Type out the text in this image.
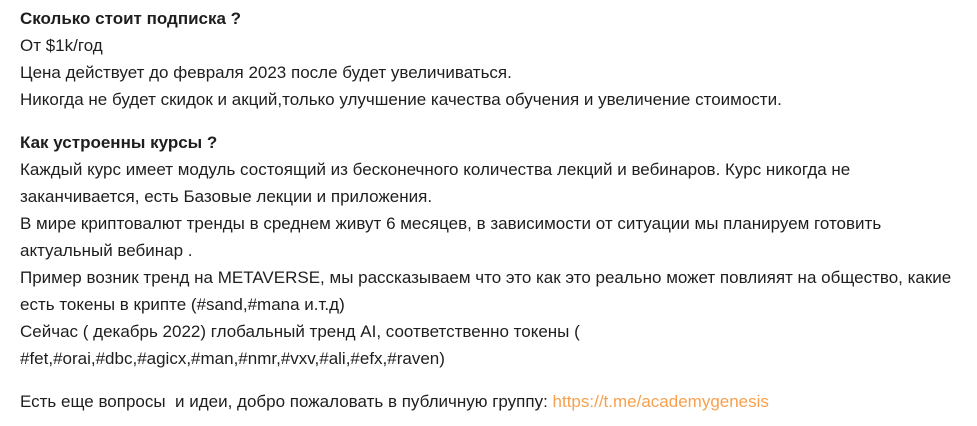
Сколько стоит подписка ?
От $1k/год
Цена действует до февраля 2023 после будет увеличиваться.
Никогда не будет скидок и акций,только улучшение качества обучения и увеличение стоимости.
Как устроенны курсы ?
Каждый курс имеет модуль состоящий из бесконечного количества лекций и вебинаров. Курс никогда не
заканчивается, есть Базовые лекции и приложения.
В мире криптовалют тренды в среднем живут 6 месяцев, в зависимости от ситуации мы планируем готовить
актуальный вебинар .
Пример возник тренд на METAVERSE, мы рассказываем что это как это реально может повлияят на общество, какие
есть токены в крипте (#sand,#mana и.т.д)
Сейчас ( декабрь 2022) глобальный тренд AI, соответственно токены (
#fet,#orai,#dbc,#agicx,#man,#nmr,#vxv,#ali,#efx,#raven)

Есть еще вопросы  и идеи, добро пожаловать в публичную группу: https://t.me/academygenesis
